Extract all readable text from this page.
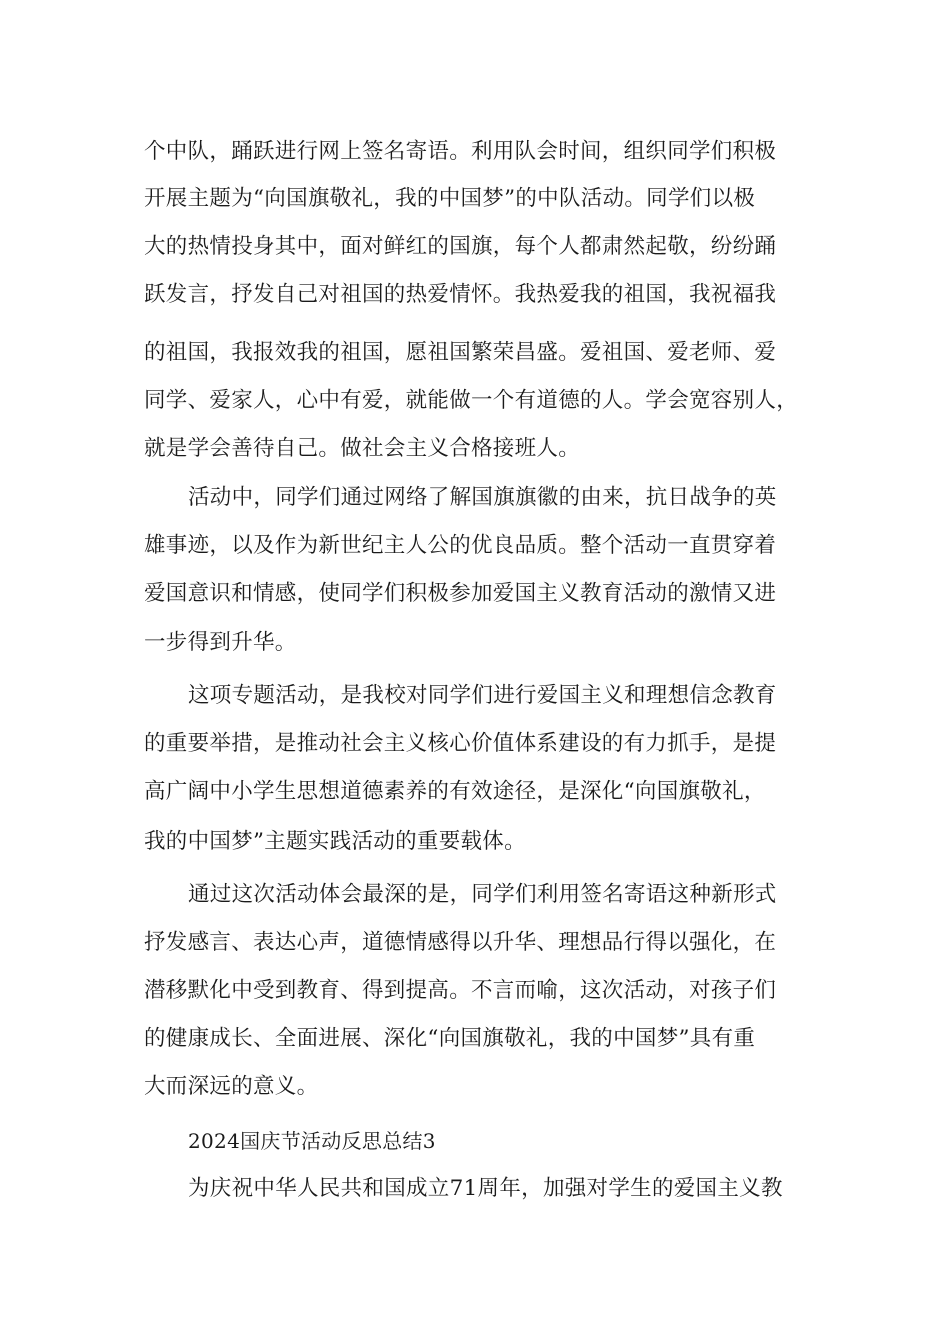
个中队，踊跃进行网上签名寄语。利用队会时间，组织同学们积极
开展主题为“向国旗敬礼，我的中国梦”的中队活动。同学们以极
大的热情投身其中，面对鲜红的国旗，每个人都肃然起敬，纷纷踊
跃发言，抒发自己对祖国的热爱情怀。我热爱我的祖国，我祝福我
的祖国，我报效我的祖国，愿祖国繁荣昌盛。爱祖国、爱老师、爱
同学、爱家人，心中有爱，就能做一个有道德的人。学会宽容别人，
就是学会善待自己。做社会主义合格接班人。
活动中，同学们通过网络了解国旗旗徽的由来，抗日战争的英
雄事迹，以及作为新世纪主人公的优良品质。整个活动一直贯穿着
爱国意识和情感，使同学们积极参加爱国主义教育活动的激情又进
一步得到升华。
这项专题活动，是我校对同学们进行爱国主义和理想信念教育
的重要举措，是推动社会主义核心价值体系建设的有力抓手，是提
高广阔中小学生思想道德素养的有效途径，是深化“向国旗敬礼，
我的中国梦”主题实践活动的重要载体。
通过这次活动体会最深的是，同学们利用签名寄语这种新形式
抒发感言、表达心声，道德情感得以升华、理想品行得以强化，在
潜移默化中受到教育、得到提高。不言而喻，这次活动，对孩子们
的健康成长、全面进展、深化“向国旗敬礼，我的中国梦”具有重
大而深远的意义。
2024国庆节活动反思总结3
为庆祝中华人民共和国成立71周年，加强对学生的爱国主义教
